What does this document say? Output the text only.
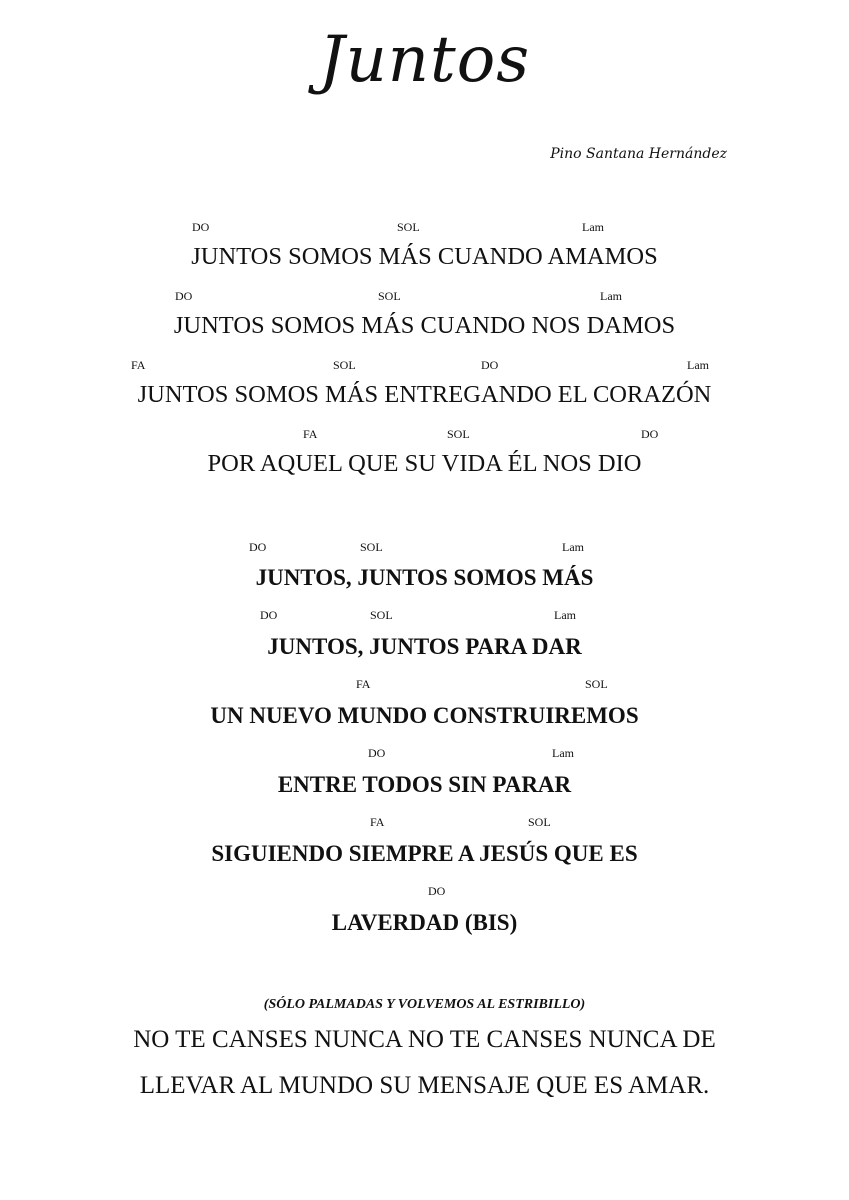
Juntos
Pino Santana Hernández
DO	SOL	Lam
JUNTOS SOMOS MÁS CUANDO AMAMOS
DO	SOL	Lam
JUNTOS SOMOS MÁS CUANDO NOS DAMOS
FA	SOL	DO	Lam
JUNTOS SOMOS MÁS ENTREGANDO EL CORAZÓN
FA	SOL	DO
POR AQUEL QUE SU VIDA ÉL NOS DIO
DO	SOL	Lam
JUNTOS, JUNTOS SOMOS MÁS
DO	SOL	Lam
JUNTOS, JUNTOS PARA DAR
FA	SOL
UN NUEVO MUNDO CONSTRUIREMOS
DO	Lam
ENTRE TODOS SIN PARAR
FA	SOL
SIGUIENDO SIEMPRE A JESÚS QUE ES
DO
LAVERDAD (BIS)
(SÓLO PALMADAS Y VOLVEMOS AL ESTRIBILLO)
NO TE CANSES NUNCA NO TE CANSES NUNCA DE
LLEVAR AL MUNDO SU MENSAJE QUE ES AMAR.
